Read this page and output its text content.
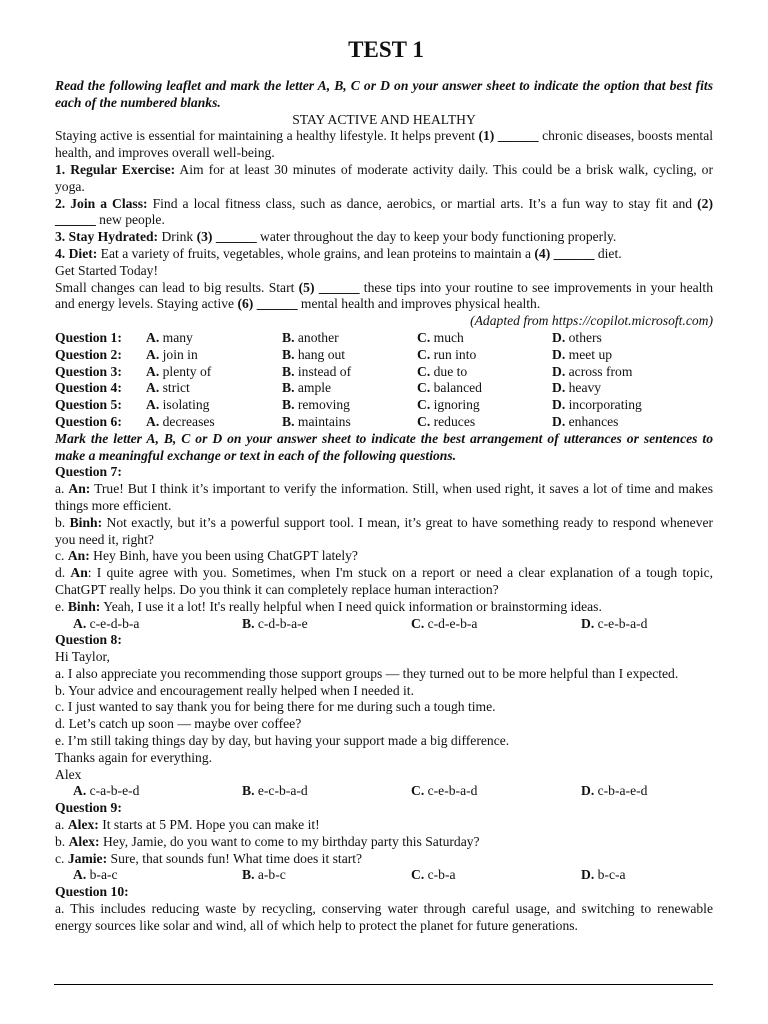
TEST 1
Read the following leaflet and mark the letter A, B, C or D on your answer sheet to indicate the option that best fits each of the numbered blanks.
STAY ACTIVE AND HEALTHY
Staying active is essential for maintaining a healthy lifestyle. It helps prevent (1) ______ chronic diseases, boosts mental health, and improves overall well-being.
1. Regular Exercise: Aim for at least 30 minutes of moderate activity daily. This could be a brisk walk, cycling, or yoga.
2. Join a Class: Find a local fitness class, such as dance, aerobics, or martial arts. It’s a fun way to stay fit and (2) ______ new people.
3. Stay Hydrated: Drink (3) ______ water throughout the day to keep your body functioning properly.
4. Diet: Eat a variety of fruits, vegetables, whole grains, and lean proteins to maintain a (4) ______ diet.
Get Started Today!
Small changes can lead to big results. Start (5) ______ these tips into your routine to see improvements in your health and energy levels. Staying active (6) ______ mental health and improves physical health.
(Adapted from https://copilot.microsoft.com)
Question 1:	A. many	B. another	C. much	D. others
Question 2:	A. join in	B. hang out	C. run into	D. meet up
Question 3:	A. plenty of	B. instead of	C. due to	D. across from
Question 4:	A. strict	B. ample	C. balanced	D. heavy
Question 5:	A. isolating	B. removing	C. ignoring	D. incorporating
Question 6:	A. decreases	B. maintains	C. reduces	D. enhances
Mark the letter A, B, C or D on your answer sheet to indicate the best arrangement of utterances or sentences to make a meaningful exchange or text in each of the following questions.
Question 7:
a. An: True! But I think it’s important to verify the information. Still, when used right, it saves a lot of time and makes things more efficient.
b. Binh: Not exactly, but it’s a powerful support tool. I mean, it’s great to have something ready to respond whenever you need it, right?
c. An: Hey Binh, have you been using ChatGPT lately?
d. An: I quite agree with you. Sometimes, when I'm stuck on a report or need a clear explanation of a tough topic, ChatGPT really helps. Do you think it can completely replace human interaction?
e. Binh: Yeah, I use it a lot! It's really helpful when I need quick information or brainstorming ideas.
A. c-e-d-b-a	B. c-d-b-a-e	C. c-d-e-b-a	D. c-e-b-a-d
Question 8:
Hi Taylor,
a. I also appreciate you recommending those support groups — they turned out to be more helpful than I expected.
b. Your advice and encouragement really helped when I needed it.
c. I just wanted to say thank you for being there for me during such a tough time.
d. Let’s catch up soon — maybe over coffee?
e. I’m still taking things day by day, but having your support made a big difference.
Thanks again for everything.
Alex
A. c-a-b-e-d	B. e-c-b-a-d	C. c-e-b-a-d	D. c-b-a-e-d
Question 9:
a. Alex: It starts at 5 PM. Hope you can make it!
b. Alex: Hey, Jamie, do you want to come to my birthday party this Saturday?
c. Jamie: Sure, that sounds fun! What time does it start?
A. b-a-c	B. a-b-c	C. c-b-a	D. b-c-a
Question 10:
a. This includes reducing waste by recycling, conserving water through careful usage, and switching to renewable energy sources like solar and wind, all of which help to protect the planet for future generations.
